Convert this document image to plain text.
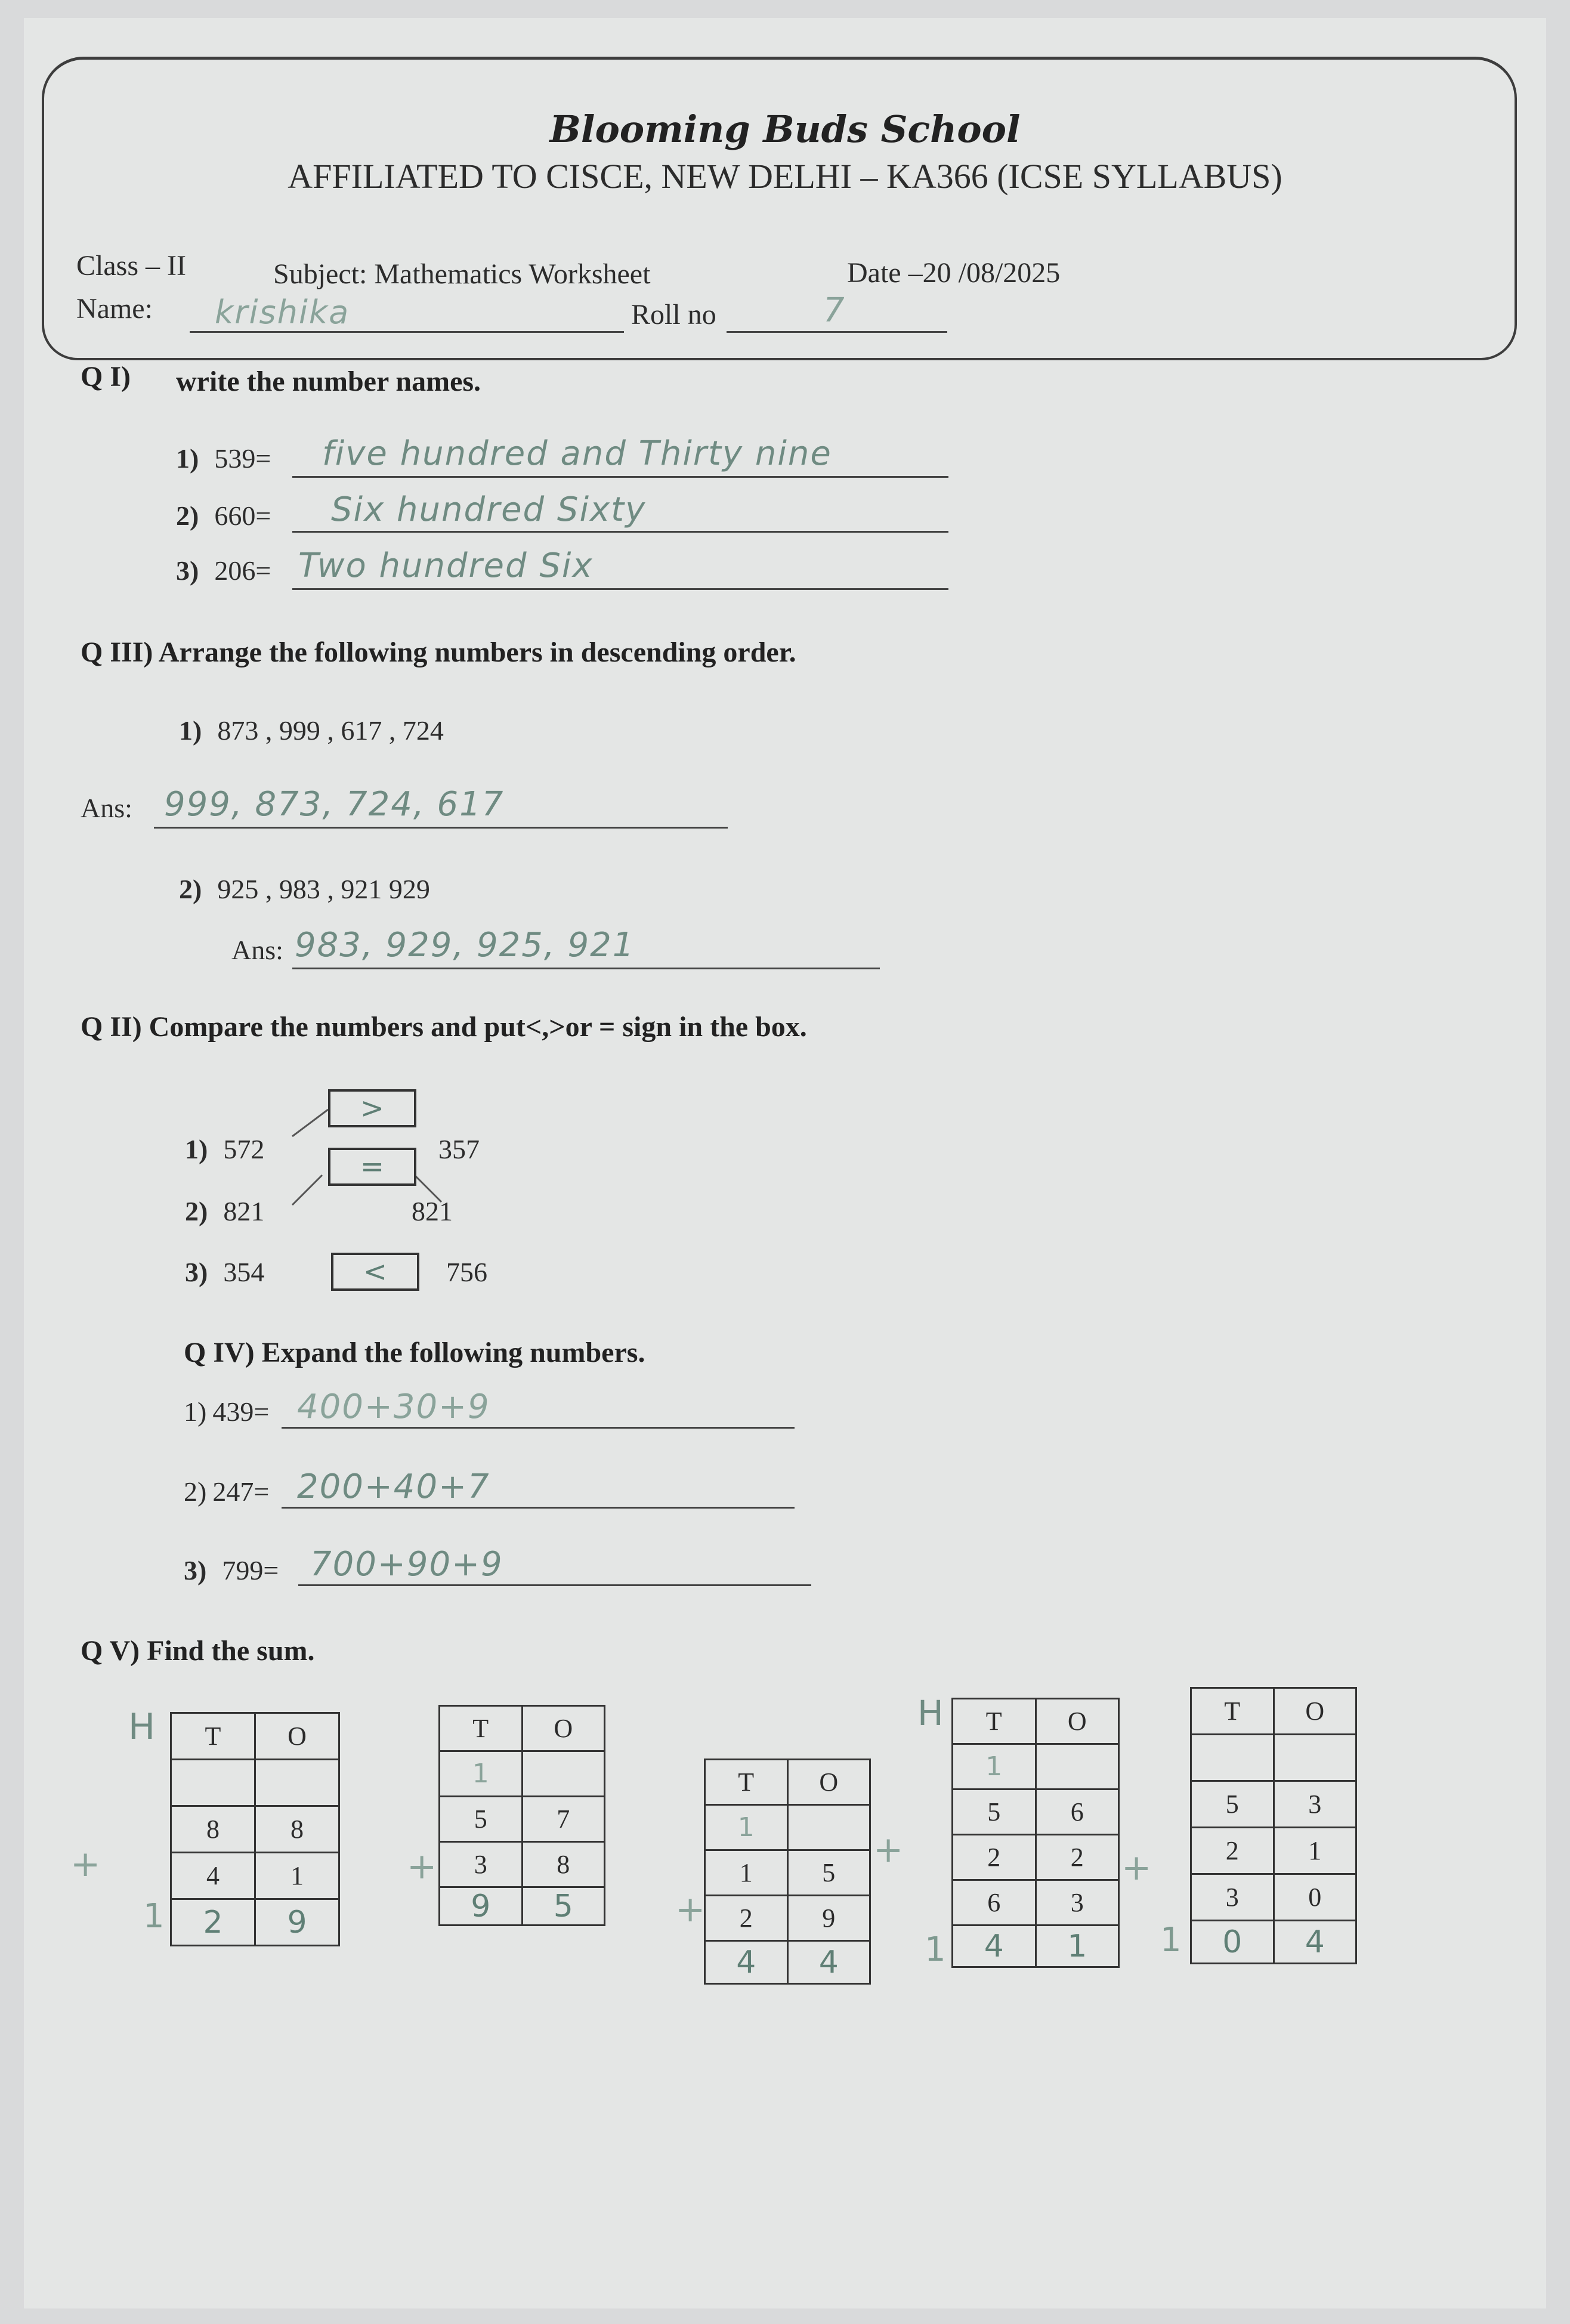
Blooming Buds School
AFFILIATED TO CISCE, NEW DELHI – KA366 (ICSE SYLLABUS)
Class – II	Subject: Mathematics Worksheet	Date –20 /08/2025
Name: krishika	Roll no	7
Q I) write the number names.
1) 539= five hundred and Thirty nine
2) 660= Six hundred Sixty
3) 206= Two hundred Six
Q III) Arrange the following numbers in descending order.
1) 873 , 999 , 617 , 724
Ans: 999, 873, 724, 617
2) 925 , 983 , 921 929
Ans: 983, 929, 925, 921
Q II) Compare the numbers and put<,>or = sign in the box.
1) 572
>
357
2) 821
=
821
3) 354	<	756
Q IV) Expand the following numbers.
1) 439= 400+30+9
2) 247= 200+40+7
3) 799= 700+90+9
Q V) Find the sum.
H T	O

8	8
4	1
2	9
1
+
T	O
1	
5	7
3	8
9	5
+
T	O
1	
1	5
2	9
4	4
+
H T	O
1	
5	6
2	2
6	3
4	1
1
+
T	O

5	3
2	1
3	0
0	4
1
+
